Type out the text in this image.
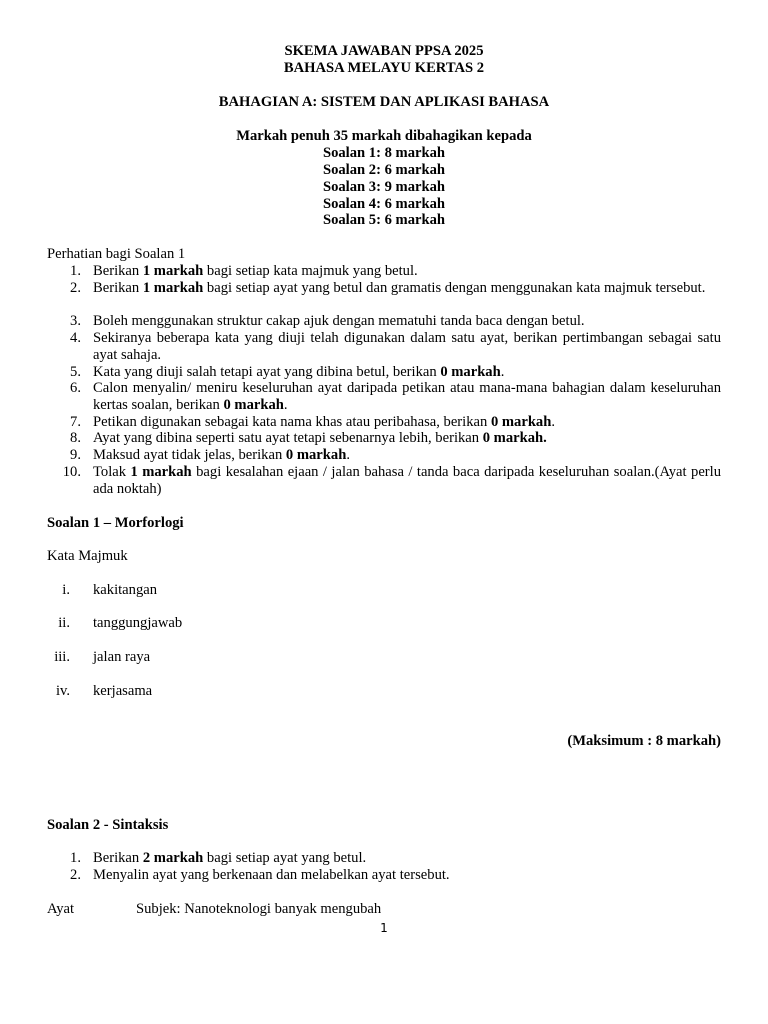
SKEMA JAWABAN PPSA 2025
BAHASA MELAYU KERTAS 2
BAHAGIAN A: SISTEM DAN APLIKASI BAHASA
Markah penuh 35 markah dibahagikan kepada
Soalan 1: 8 markah
Soalan 2: 6 markah
Soalan 3: 9 markah
Soalan 4: 6 markah
Soalan 5: 6 markah
Perhatian bagi Soalan 1
1. Berikan 1 markah bagi setiap kata majmuk yang betul.
2. Berikan 1 markah bagi setiap ayat yang betul dan gramatis dengan menggunakan kata majmuk tersebut.
3. Boleh menggunakan struktur cakap ajuk dengan mematuhi tanda baca dengan betul.
4. Sekiranya beberapa kata yang diuji telah digunakan dalam satu ayat, berikan pertimbangan sebagai satu ayat sahaja.
5. Kata yang diuji salah tetapi ayat yang dibina betul, berikan 0 markah.
6. Calon menyalin/ meniru keseluruhan ayat daripada petikan atau mana-mana bahagian dalam keseluruhan kertas soalan, berikan 0 markah.
7. Petikan digunakan sebagai kata nama khas atau peribahasa, berikan 0 markah.
8. Ayat yang dibina seperti satu ayat tetapi sebenarnya lebih, berikan 0 markah.
9. Maksud ayat tidak jelas, berikan 0 markah.
10. Tolak 1 markah bagi kesalahan ejaan / jalan bahasa / tanda baca daripada keseluruhan soalan.(Ayat perlu ada noktah)
Soalan 1 – Morforlogi
Kata Majmuk
i. kakitangan
ii. tanggungjawab
iii. jalan raya
iv. kerjasama
(Maksimum : 8 markah)
Soalan 2 - Sintaksis
1. Berikan 2 markah bagi setiap ayat yang betul.
2. Menyalin ayat yang berkenaan dan melabelkan ayat tersebut.
Ayat	Subjek: Nanoteknologi banyak mengubah
1
